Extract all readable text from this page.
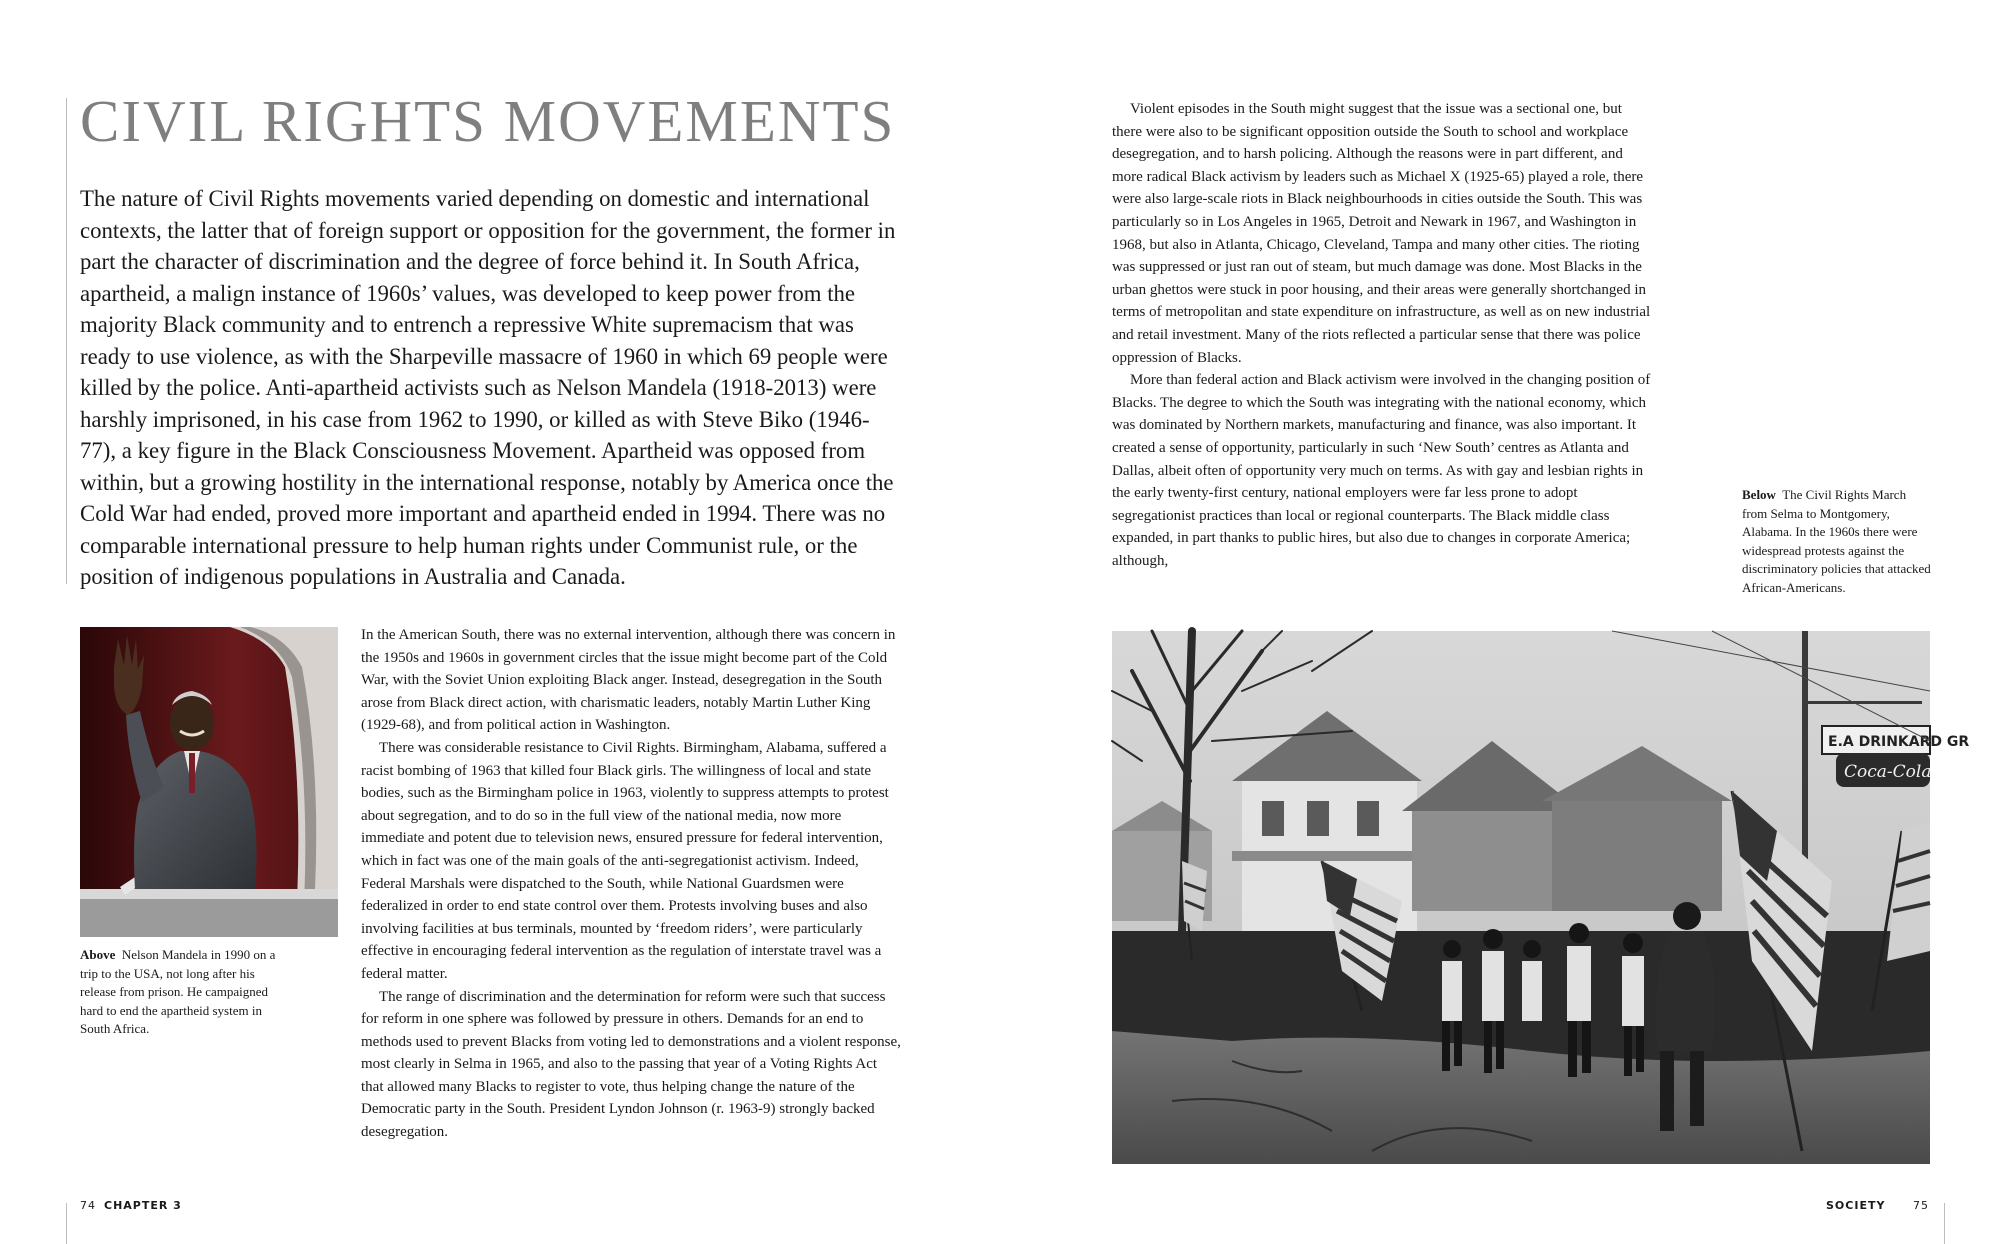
CIVIL RIGHTS MOVEMENTS

The nature of Civil Rights movements varied depending on domestic and international contexts, the latter that of foreign support or opposition for the government, the former in part the character of discrimination and the degree of force behind it. In South Africa, apartheid, a malign instance of 1960s’ values, was developed to keep power from the majority Black community and to entrench a repressive White supremacism that was ready to use violence, as with the Sharpeville massacre of 1960 in which 69 people were killed by the police. Anti-apartheid activists such as Nelson Mandela (1918-2013) were harshly imprisoned, in his case from 1962 to 1990, or killed as with Steve Biko (1946-77), a key figure in the Black Consciousness Movement. Apartheid was opposed from within, but a growing hostility in the international response, notably by America once the Cold War had ended, proved more important and apartheid ended in 1994. There was no comparable international pressure to help human rights under Communist rule, or the position of indigenous populations in Australia and Canada.

Above Nelson Mandela in 1990 on a trip to the USA, not long after his release from prison. He campaigned hard to end the apartheid system in South Africa.

In the American South, there was no external intervention, although there was concern in the 1950s and 1960s in government circles that the issue might become part of the Cold War, with the Soviet Union exploiting Black anger. Instead, desegregation in the South arose from Black direct action, with charismatic leaders, notably Martin Luther King (1929-68), and from political action in Washington.

There was considerable resistance to Civil Rights. Birmingham, Alabama, suffered a racist bombing of 1963 that killed four Black girls. The willingness of local and state bodies, such as the Birmingham police in 1963, violently to suppress attempts to protest about segregation, and to do so in the full view of the national media, now more immediate and potent due to television news, ensured pressure for federal intervention, which in fact was one of the main goals of the anti-segregationist activism. Indeed, Federal Marshals were dispatched to the South, while National Guardsmen were federalized in order to end state control over them. Protests involving buses and also involving facilities at bus terminals, mounted by ‘freedom riders’, were particularly effective in encouraging federal intervention as the regulation of interstate travel was a federal matter.

The range of discrimination and the determination for reform were such that success for reform in one sphere was followed by pressure in others. Demands for an end to methods used to prevent Blacks from voting led to demonstrations and a violent response, most clearly in Selma in 1965, and also to the passing that year of a Voting Rights Act that allowed many Blacks to register to vote, thus helping change the nature of the Democratic party in the South. President Lyndon Johnson (r. 1963-9) strongly backed desegregation.

Violent episodes in the South might suggest that the issue was a sectional one, but there were also to be significant opposition outside the South to school and workplace desegregation, and to harsh policing. Although the reasons were in part different, and more radical Black activism by leaders such as Michael X (1925-65) played a role, there were also large-scale riots in Black neighbourhoods in cities outside the South. This was particularly so in Los Angeles in 1965, Detroit and Newark in 1967, and Washington in 1968, but also in Atlanta, Chicago, Cleveland, Tampa and many other cities. The rioting was suppressed or just ran out of steam, but much damage was done. Most Blacks in the urban ghettos were stuck in poor housing, and their areas were generally shortchanged in terms of metropolitan and state expenditure on infrastructure, as well as on new industrial and retail investment. Many of the riots reflected a particular sense that there was police oppression of Blacks.

More than federal action and Black activism were involved in the changing position of Blacks. The degree to which the South was integrating with the national economy, which was dominated by Northern markets, manufacturing and finance, was also important. It created a sense of opportunity, particularly in such ‘New South’ centres as Atlanta and Dallas, albeit often of opportunity very much on terms. As with gay and lesbian rights in the early twenty-first century, national employers were far less prone to adopt segregationist practices than local or regional counterparts. The Black middle class expanded, in part thanks to public hires, but also due to changes in corporate America; although,

Below The Civil Rights March from Selma to Montgomery, Alabama. In the 1960s there were widespread protests against the discriminatory policies that attacked African-Americans.

E.A DRINKARD GR
Coca-Cola
74 CHAPTER 3	SOCIETY	75
